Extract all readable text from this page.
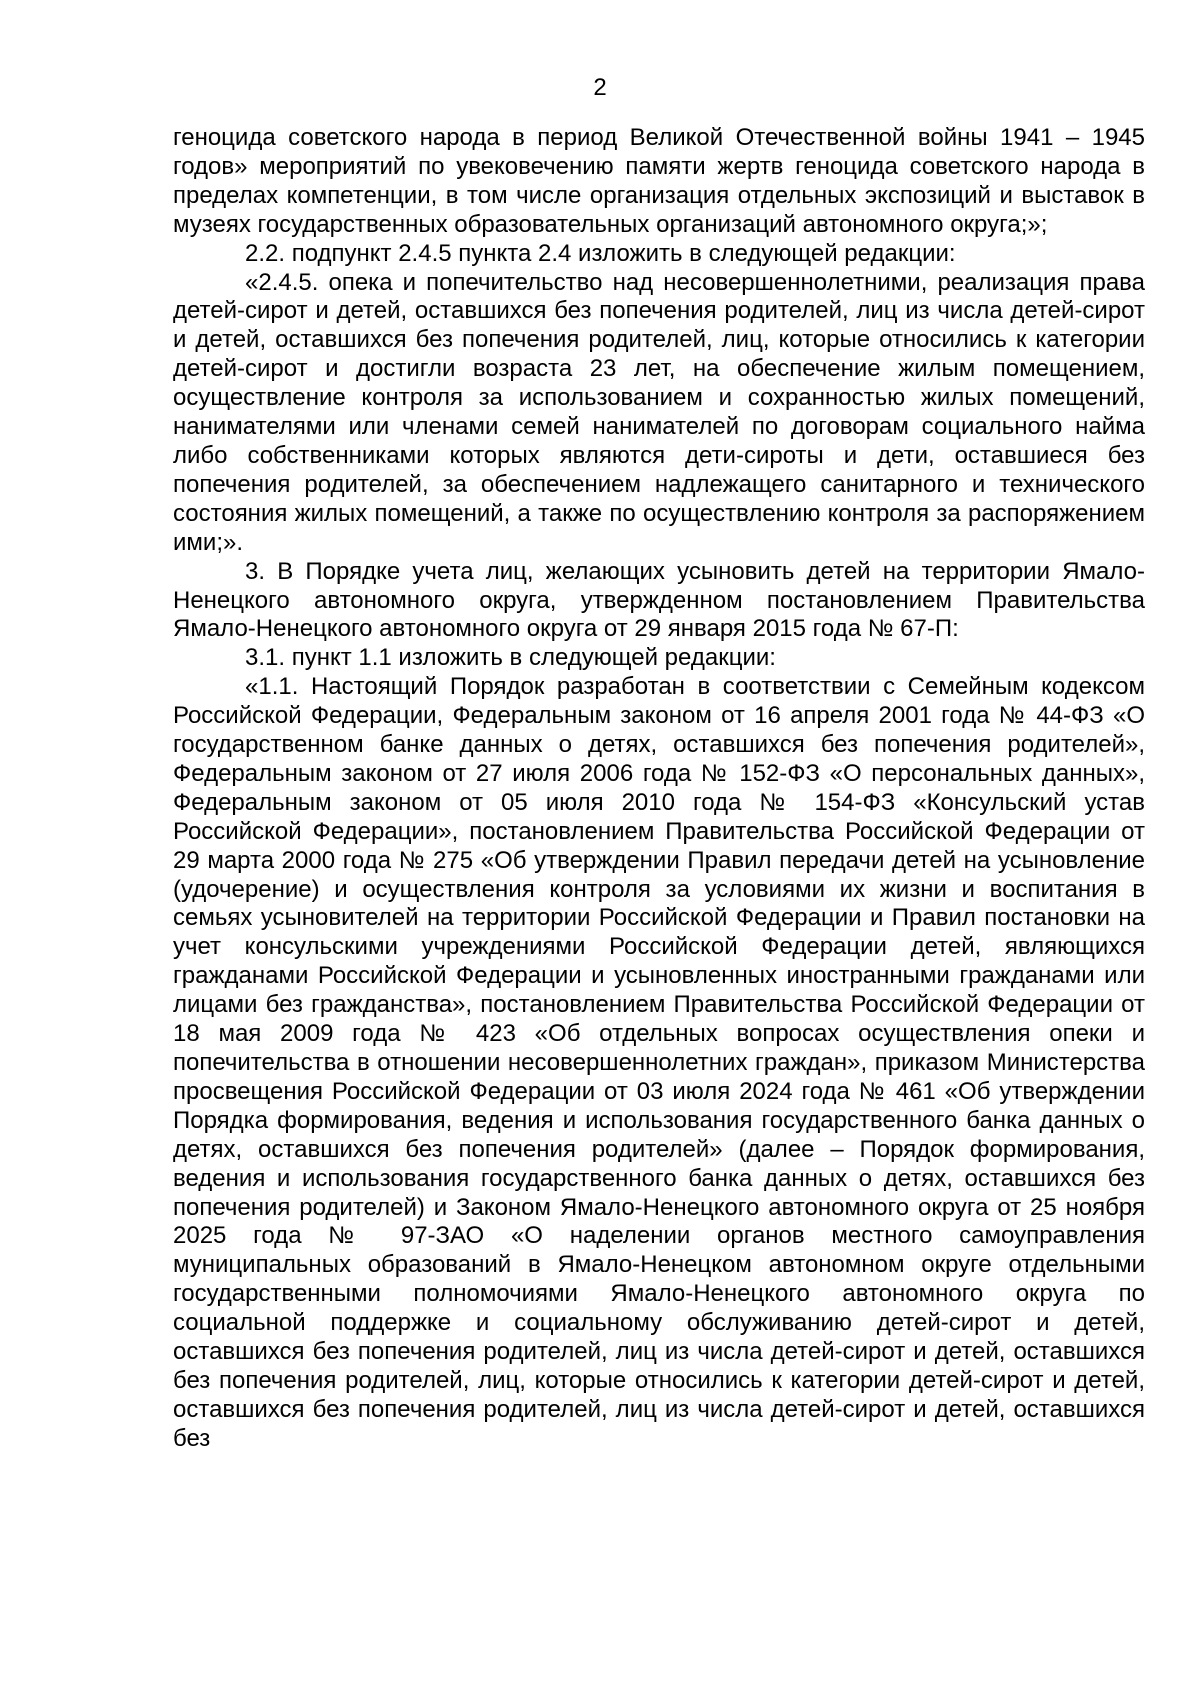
2

геноцида советского народа в период Великой Отечественной войны 1941 – 1945 годов» мероприятий по увековечению памяти жертв геноцида советского народа в пределах компетенции, в том числе организация отдельных экспозиций и выставок в музеях государственных образовательных организаций автономного округа;»;

2.2. подпункт 2.4.5 пункта 2.4 изложить в следующей редакции:

«2.4.5. опека и попечительство над несовершеннолетними, реализация права детей-сирот и детей, оставшихся без попечения родителей, лиц из числа детей-сирот и детей, оставшихся без попечения родителей, лиц, которые относились к категории детей-сирот и достигли возраста 23 лет, на обеспечение жилым помещением, осуществление контроля за использованием и сохранностью жилых помещений, нанимателями или членами семей нанимателей по договорам социального найма либо собственниками которых являются дети-сироты и дети, оставшиеся без попечения родителей, за обеспечением надлежащего санитарного и технического состояния жилых помещений, а также по осуществлению контроля за распоряжением ими;».

3. В Порядке учета лиц, желающих усыновить детей на территории Ямало-Ненецкого автономного округа, утвержденном постановлением Правительства Ямало-Ненецкого автономного округа от 29 января 2015 года № 67-П:

3.1. пункт 1.1 изложить в следующей редакции:

«1.1. Настоящий Порядок разработан в соответствии с Семейным кодексом Российской Федерации, Федеральным законом от 16 апреля 2001 года № 44-ФЗ «О государственном банке данных о детях, оставшихся без попечения родителей», Федеральным законом от 27 июля 2006 года № 152-ФЗ «О персональных данных», Федеральным законом от 05 июля 2010 года № 154-ФЗ «Консульский устав Российской Федерации», постановлением Правительства Российской Федерации от 29 марта 2000 года № 275 «Об утверждении Правил передачи детей на усыновление (удочерение) и осуществления контроля за условиями их жизни и воспитания в семьях усыновителей на территории Российской Федерации и Правил постановки на учет консульскими учреждениями Российской Федерации детей, являющихся гражданами Российской Федерации и усыновленных иностранными гражданами или лицами без гражданства», постановлением Правительства Российской Федерации от 18 мая 2009 года № 423 «Об отдельных вопросах осуществления опеки и попечительства в отношении несовершеннолетних граждан», приказом Министерства просвещения Российской Федерации от 03 июля 2024 года № 461 «Об утверждении Порядка формирования, ведения и использования государственного банка данных о детях, оставшихся без попечения родителей» (далее – Порядок формирования, ведения и использования государственного банка данных о детях, оставшихся без попечения родителей) и Законом Ямало-Ненецкого автономного округа от 25 ноября 2025 года № 97-ЗАО «О наделении органов местного самоуправления муниципальных образований в Ямало-Ненецком автономном округе отдельными государственными полномочиями Ямало-Ненецкого автономного округа по социальной поддержке и социальному обслуживанию детей-сирот и детей, оставшихся без попечения родителей, лиц из числа детей-сирот и детей, оставшихся без попечения родителей, лиц, которые относились к категории детей-сирот и детей, оставшихся без попечения родителей, лиц из числа детей-сирот и детей, оставшихся без
